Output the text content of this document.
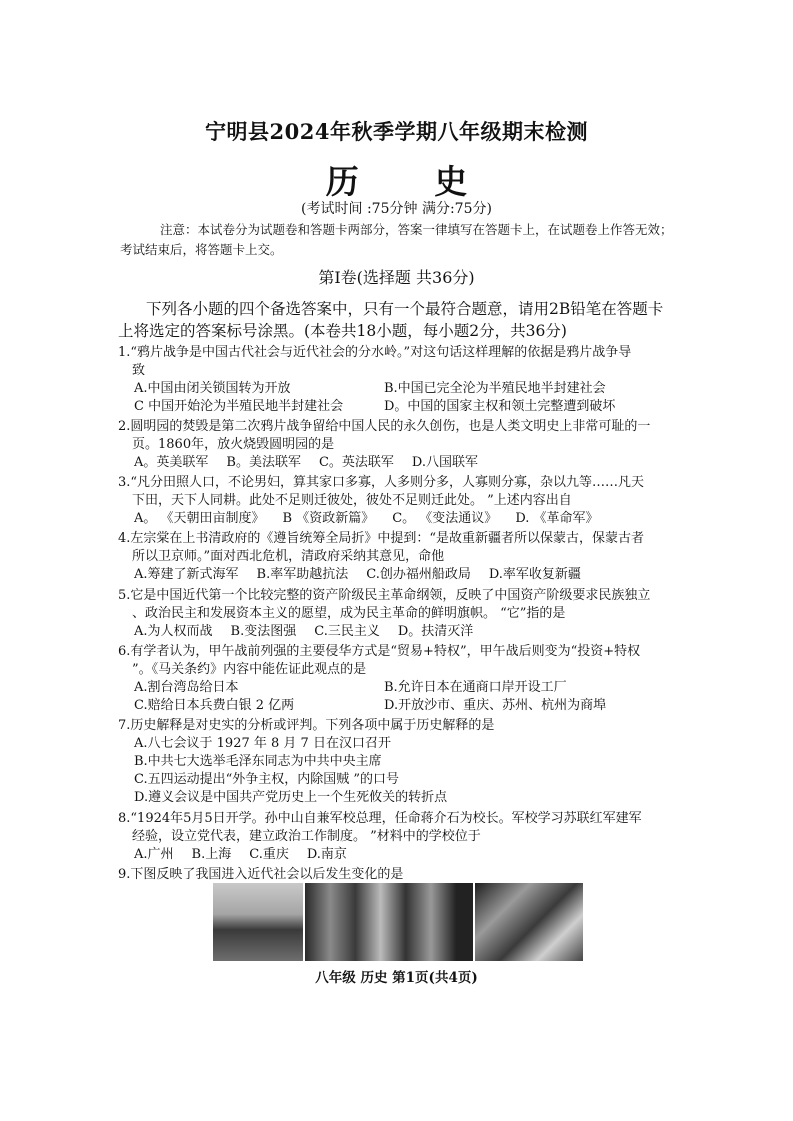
宁明县2024年秋季学期八年级期末检测
历 史
(考试时间 :75分钟 满分:75分)
注意：本试卷分为试题卷和答题卡两部分，答案一律填写在答题卡上，在试题卷上作答无效；考试结束后，将答题卡上交。
第Ⅰ卷(选择题 共36分)
下列各小题的四个备选答案中，只有一个最符合题意，请用2B铅笔在答题卡上将选定的答案标号涂黑。(本卷共18小题，每小题2分，共36分)
1.“鸦片战争是中国古代社会与近代社会的分水岭。”对这句话这样理解的依据是鸦片战争导
致
A.中国由闭关锁国转为开放	B.中国已完全沦为半殖民地半封建社会
C 中国开始沦为半殖民地半封建社会	D。中国的国家主权和领土完整遭到破坏
2.圆明园的焚毁是第二次鸦片战争留给中国人民的永久创伤，也是人类文明史上非常可耻的一
页。1860年，放火烧毁圆明园的是
A。英美联军 B。美法联军 C。英法联军 D.八国联军
3.“凡分田照人口，不论男妇，算其家口多寡，人多则分多，人寡则分寡，杂以九等……凡天
下田，天下人同耕。此处不足则迁彼处，彼处不足则迁此处。 ”上述内容出自
A。 《天朝田亩制度》 B 《资政新篇》 C。 《变法通议》 D. 《革命军》
4.左宗棠在上书清政府的《遵旨统筹全局折》中提到：“是故重新疆者所以保蒙古，保蒙古者
所以卫京师。”面对西北危机，清政府采纳其意见，命他
A.筹建了新式海军 B.率军助越抗法 C.创办福州船政局 D.率军收复新疆
5.它是中国近代第一个比较完整的资产阶级民主革命纲领，反映了中国资产阶级要求民族独立
、政治民主和发展资本主义的愿望，成为民主革命的鲜明旗帜。 “它”指的是
A.为人权而战 B.变法图强 C.三民主义 D。扶清灭洋
6.有学者认为，甲午战前列强的主要侵华方式是“贸易+特权”，甲午战后则变为“投资+特权
”。《马关条约》内容中能佐证此观点的是
A.割台湾岛给日本	B.允许日本在通商口岸开设工厂
C.赔给日本兵费白银 2 亿两	D.开放沙市、重庆、苏州、杭州为商埠
7.历史解释是对史实的分析或评判。下列各项中属于历史解释的是
A.八七会议于 1927 年 8 月 7 日在汉口召开
B.中共七大选举毛泽东同志为中共中央主席
C.五四运动提出“外争主权，内除国贼 ”的口号
D.遵义会议是中国共产党历史上一个生死攸关的转折点
8.“1924年5月5日开学。孙中山自兼军校总理，任命蒋介石为校长。军校学习苏联红军建军
经验，设立党代表，建立政治工作制度。 ”材料中的学校位于
A.广州 B.上海 C.重庆 D.南京
9.下图反映了我国进入近代社会以后发生变化的是
八年级 历史 第1页(共4页)
